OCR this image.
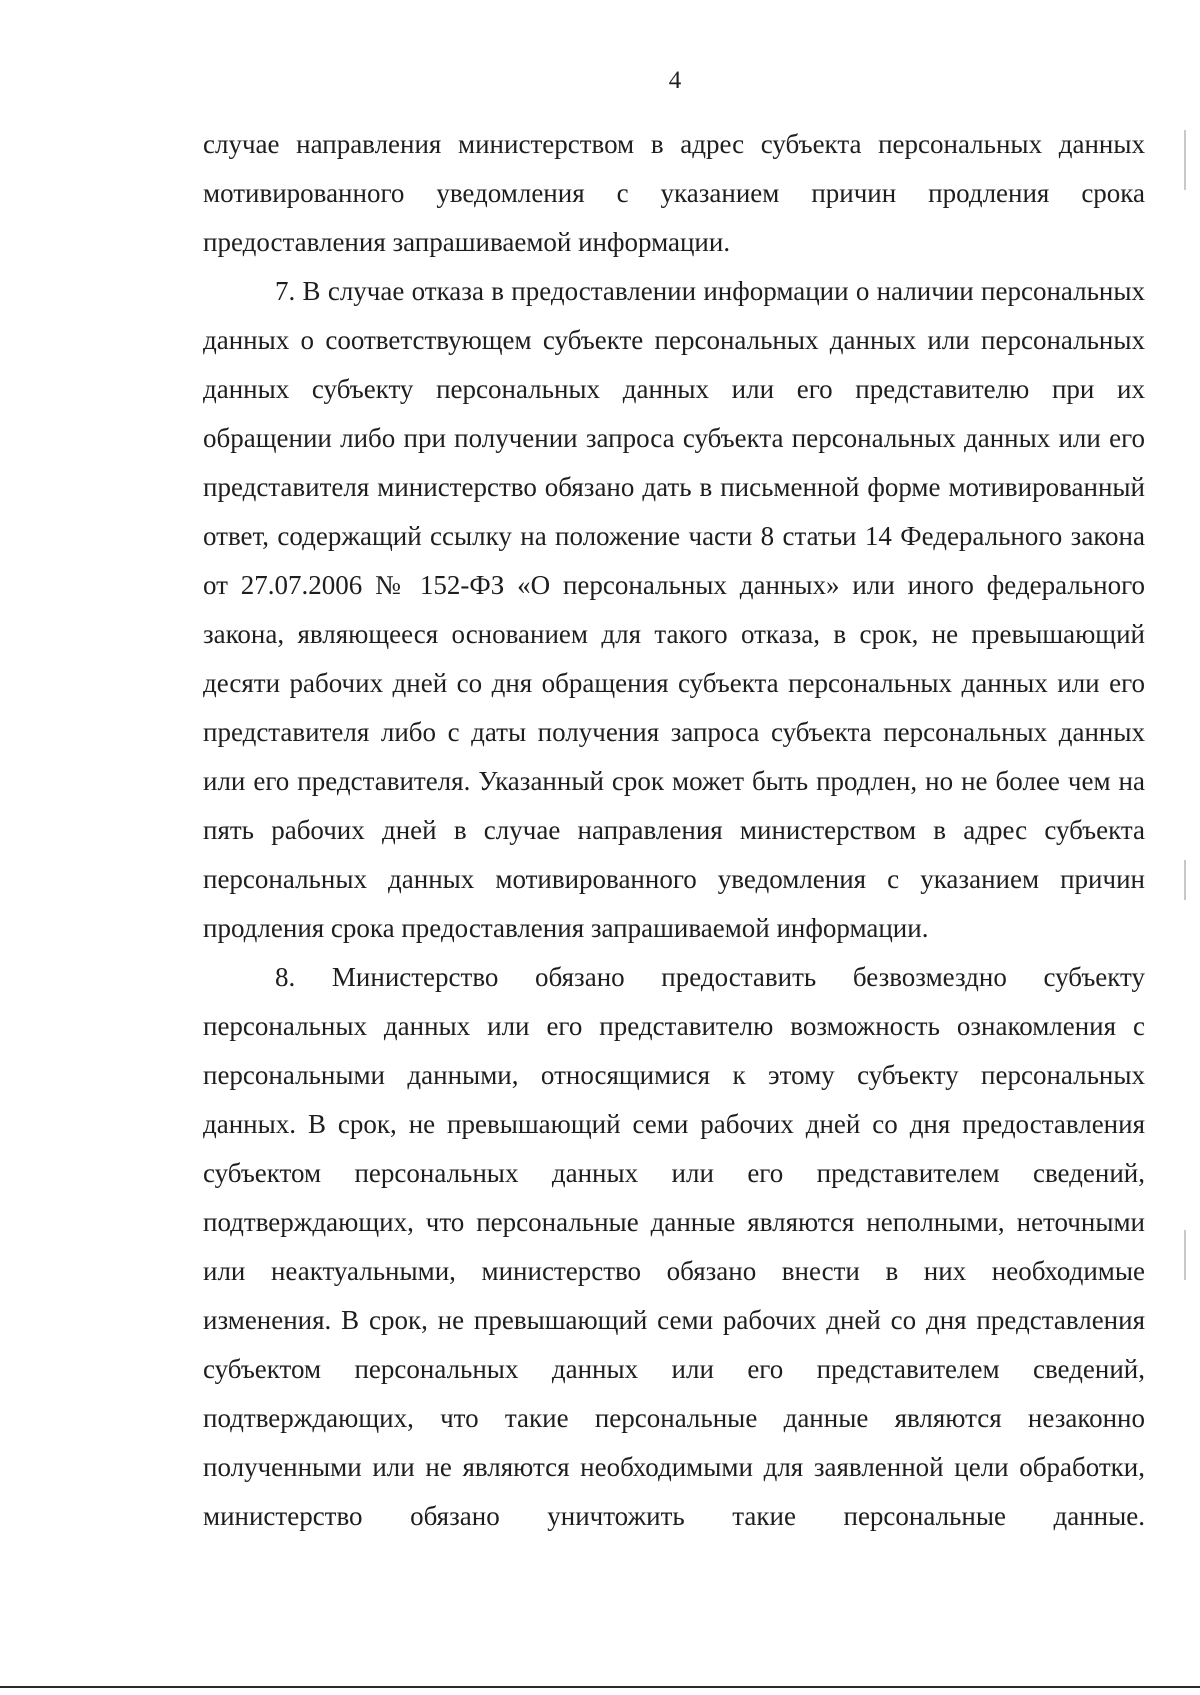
4

случае направления министерством в адрес субъекта персональных данных мотивированного уведомления с указанием причин продления срока предоставления запрашиваемой информации.

7. В случае отказа в предоставлении информации о наличии персональных данных о соответствующем субъекте персональных данных или персональных данных субъекту персональных данных или его представителю при их обращении либо при получении запроса субъекта персональных данных или его представителя министерство обязано дать в письменной форме мотивированный ответ, содержащий ссылку на положение части 8 статьи 14 Федерального закона от 27.07.2006 № 152-ФЗ «О персональных данных» или иного федерального закона, являющееся основанием для такого отказа, в срок, не превышающий десяти рабочих дней со дня обращения субъекта персональных данных или его представителя либо с даты получения запроса субъекта персональных данных или его представителя. Указанный срок может быть продлен, но не более чем на пять рабочих дней в случае направления министерством в адрес субъекта персональных данных мотивированного уведомления с указанием причин продления срока предоставления запрашиваемой информации.

8. Министерство обязано предоставить безвозмездно субъекту персональных данных или его представителю возможность ознакомления с персональными данными, относящимися к этому субъекту персональных данных. В срок, не превышающий семи рабочих дней со дня предоставления субъектом персональных данных или его представителем сведений, подтверждающих, что персональные данные являются неполными, неточными или неактуальными, министерство обязано внести в них необходимые изменения. В срок, не превышающий семи рабочих дней со дня представления субъектом персональных данных или его представителем сведений, подтверждающих, что такие персональные данные являются незаконно полученными или не являются необходимыми для заявленной цели обработки, министерство обязано уничтожить такие персональные данные.
